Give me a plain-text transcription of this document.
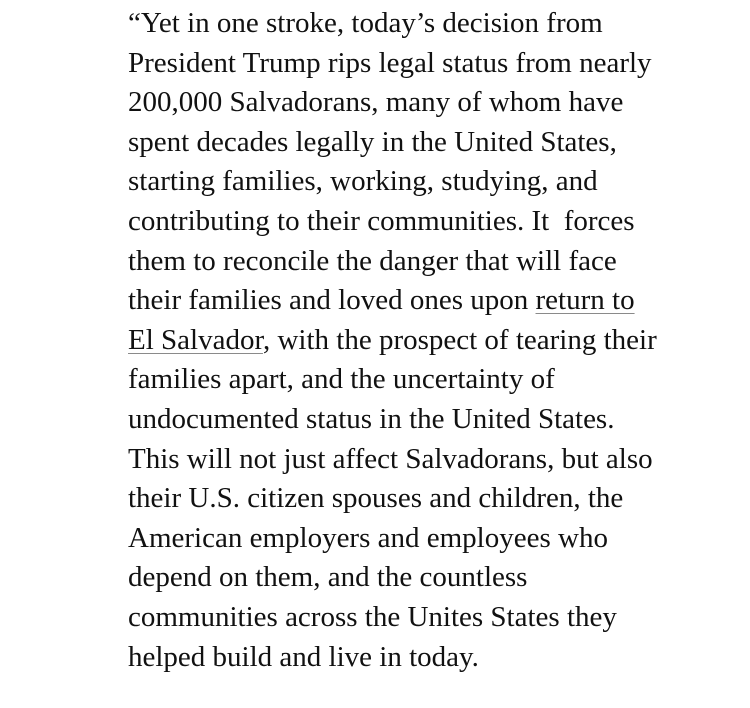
“Yet in one stroke, today’s decision from
President Trump rips legal status from nearly
200,000 Salvadorans, many of whom have
spent decades legally in the United States,
starting families, working, studying, and
contributing to their communities. It  forces
them to reconcile the danger that will face
their families and loved ones upon return to
El Salvador, with the prospect of tearing their
families apart, and the uncertainty of
undocumented status in the United States.
This will not just affect Salvadorans, but also
their U.S. citizen spouses and children, the
American employers and employees who
depend on them, and the countless
communities across the Unites States they
helped build and live in today.
